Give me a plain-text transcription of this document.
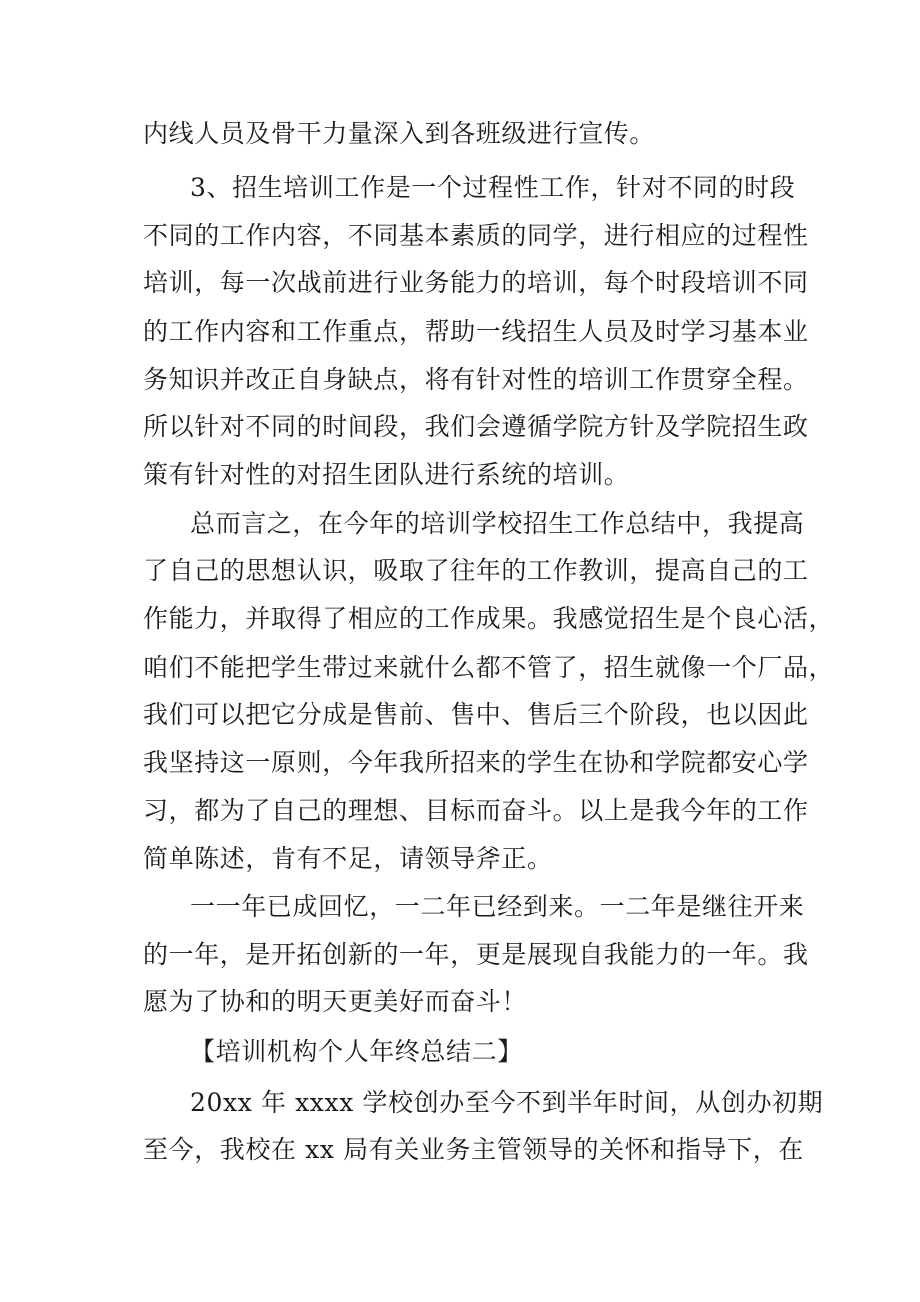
内线人员及骨干力量深入到各班级进行宣传。
3、招生培训工作是一个过程性工作，针对不同的时段
不同的工作内容，不同基本素质的同学，进行相应的过程性
培训，每一次战前进行业务能力的培训，每个时段培训不同
的工作内容和工作重点，帮助一线招生人员及时学习基本业
务知识并改正自身缺点，将有针对性的培训工作贯穿全程。
所以针对不同的时间段，我们会遵循学院方针及学院招生政
策有针对性的对招生团队进行系统的培训。
总而言之，在今年的培训学校招生工作总结中，我提高
了自己的思想认识，吸取了往年的工作教训，提高自己的工
作能力，并取得了相应的工作成果。我感觉招生是个良心活，
咱们不能把学生带过来就什么都不管了，招生就像一个厂品，
我们可以把它分成是售前、售中、售后三个阶段，也以因此
我坚持这一原则，今年我所招来的学生在协和学院都安心学
习，都为了自己的理想、目标而奋斗。以上是我今年的工作
简单陈述，肯有不足，请领导斧正。
一一年已成回忆，一二年已经到来。一二年是继往开来
的一年，是开拓创新的一年，更是展现自我能力的一年。我
愿为了协和的明天更美好而奋斗！
【培训机构个人年终总结二】
20xx 年 xxxx 学校创办至今不到半年时间，从创办初期
至今，我校在 xx 局有关业务主管领导的关怀和指导下，在
